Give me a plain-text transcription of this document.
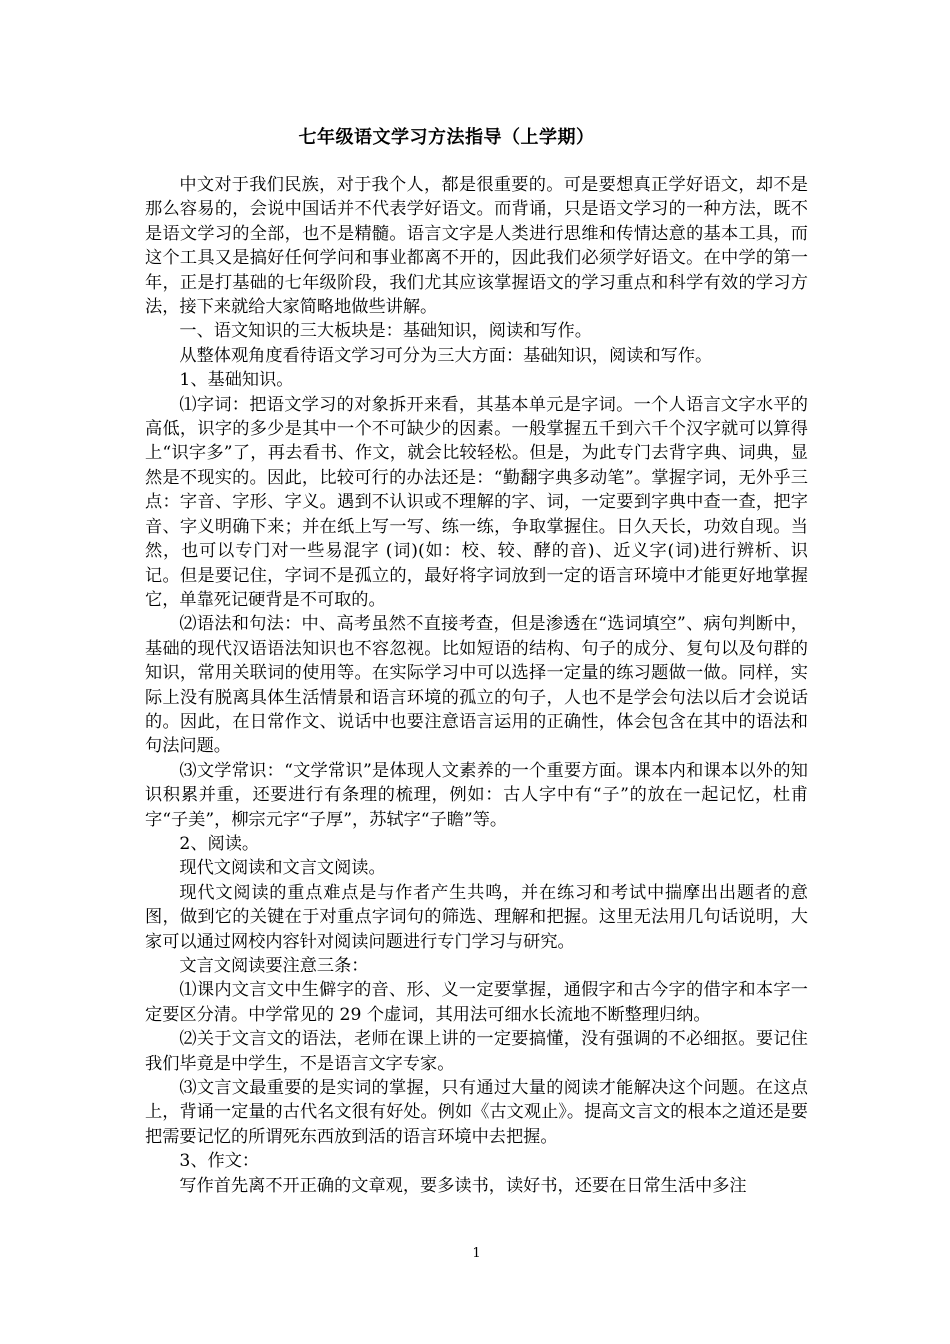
七年级语文学习方法指导（上学期）

中文对于我们民族，对于我个人，都是很重要的。可是要想真正学好语文，却不是那么容易的，会说中国话并不代表学好语文。而背诵，只是语文学习的一种方法，既不是语文学习的全部，也不是精髓。语言文字是人类进行思维和传情达意的基本工具，而这个工具又是搞好任何学问和事业都离不开的，因此我们必须学好语文。在中学的第一年，正是打基础的七年级阶段，我们尤其应该掌握语文的学习重点和科学有效的学习方法，接下来就给大家简略地做些讲解。

一、语文知识的三大板块是：基础知识，阅读和写作。

从整体观角度看待语文学习可分为三大方面：基础知识，阅读和写作。

1、基础知识。

⑴字词：把语文学习的对象拆开来看，其基本单元是字词。一个人语言文字水平的高低，识字的多少是其中一个不可缺少的因素。一般掌握五千到六千个汉字就可以算得上“识字多”了，再去看书、作文，就会比较轻松。但是，为此专门去背字典、词典，显然是不现实的。因此，比较可行的办法还是：“勤翻字典多动笔”。掌握字词，无外乎三点：字音、字形、字义。遇到不认识或不理解的字、词，一定要到字典中查一查，把字音、字义明确下来；并在纸上写一写、练一练，争取掌握住。日久天长，功效自现。当然，也可以专门对一些易混字 (词)(如：校、较、酵的音)、近义字(词)进行辨析、识记。但是要记住，字词不是孤立的，最好将字词放到一定的语言环境中才能更好地掌握它，单靠死记硬背是不可取的。

⑵语法和句法：中、高考虽然不直接考查，但是渗透在“选词填空”、病句判断中，基础的现代汉语语法知识也不容忽视。比如短语的结构、句子的成分、复句以及句群的知识，常用关联词的使用等。在实际学习中可以选择一定量的练习题做一做。同样，实际上没有脱离具体生活情景和语言环境的孤立的句子，人也不是学会句法以后才会说话的。因此，在日常作文、说话中也要注意语言运用的正确性，体会包含在其中的语法和句法问题。

⑶文学常识：“文学常识”是体现人文素养的一个重要方面。课本内和课本以外的知识积累并重，还要进行有条理的梳理，例如：古人字中有“子”的放在一起记忆，杜甫字“子美”，柳宗元字“子厚”，苏轼字“子瞻”等。

2、阅读。

现代文阅读和文言文阅读。

现代文阅读的重点难点是与作者产生共鸣，并在练习和考试中揣摩出出题者的意图，做到它的关键在于对重点字词句的筛选、理解和把握。这里无法用几句话说明，大家可以通过网校内容针对阅读问题进行专门学习与研究。

文言文阅读要注意三条：

⑴课内文言文中生僻字的音、形、义一定要掌握，通假字和古今字的借字和本字一定要区分清。中学常见的 29 个虚词，其用法可细水长流地不断整理归纳。

⑵关于文言文的语法，老师在课上讲的一定要搞懂，没有强调的不必细抠。要记住我们毕竟是中学生，不是语言文字专家。

⑶文言文最重要的是实词的掌握，只有通过大量的阅读才能解决这个问题。在这点上，背诵一定量的古代名文很有好处。例如《古文观止》。提高文言文的根本之道还是要把需要记忆的所谓死东西放到活的语言环境中去把握。

3、作文：

写作首先离不开正确的文章观，要多读书，读好书，还要在日常生活中多注

1
